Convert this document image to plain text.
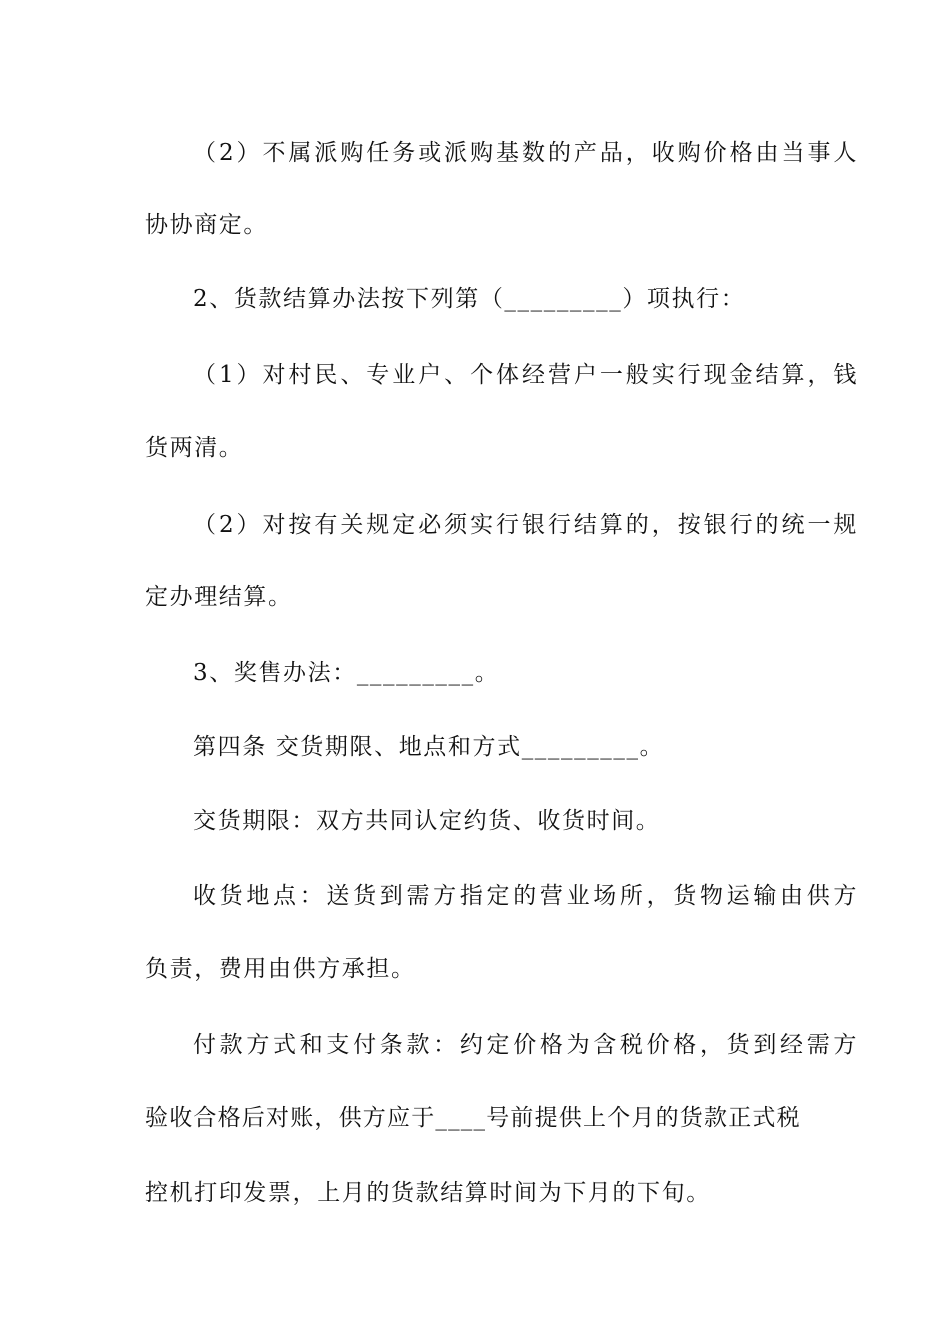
（2）不属派购任务或派购基数的产品，收购价格由当事人
协协商定。
2、货款结算办法按下列第（_________）项执行：
（1）对村民、专业户、个体经营户一般实行现金结算，钱
货两清。
（2）对按有关规定必须实行银行结算的，按银行的统一规
定办理结算。
3、奖售办法：_________。
第四条 交货期限、地点和方式_________。
交货期限：双方共同认定约货、收货时间。
收货地点：送货到需方指定的营业场所，货物运输由供方
负责，费用由供方承担。
付款方式和支付条款：约定价格为含税价格，货到经需方
验收合格后对账，供方应于____号前提供上个月的货款正式税
控机打印发票，上月的货款结算时间为下月的下旬。
